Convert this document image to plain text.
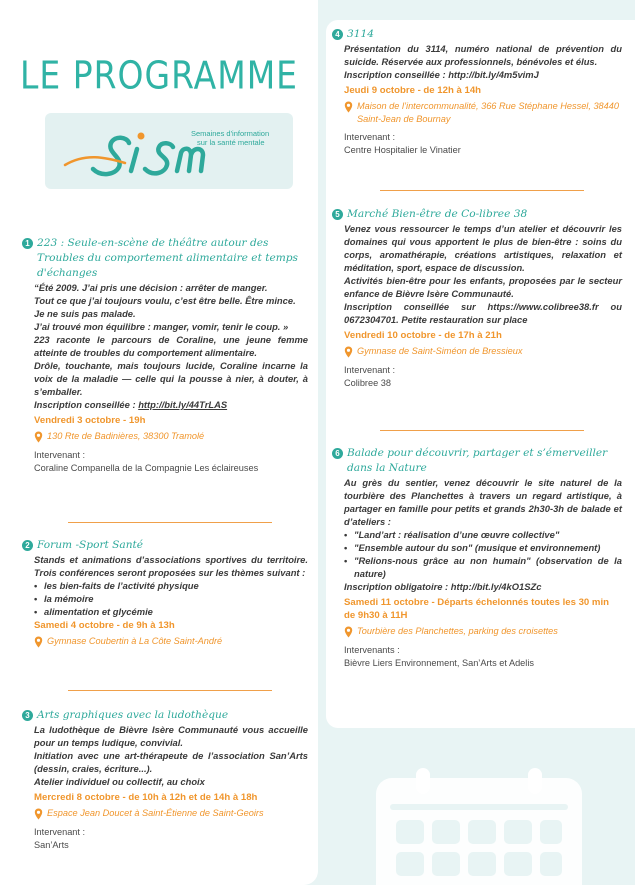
LE PROGRAMME
Semaines d'information
sur la santé mentale
1 223 : Seule-en-scène de théâtre autour des Troubles du comportement alimentaire et temps d'échanges

“Été 2009. J’ai pris une décision : arrêter de manger.

Tout ce que j’ai toujours voulu, c’est être belle. Être mince.

Je ne suis pas malade.

J’ai trouvé mon équilibre : manger, vomir, tenir le coup. »

223 raconte le parcours de Coraline, une jeune femme atteinte de troubles du comportement alimentaire.

Drôle, touchante, mais toujours lucide, Coraline incarne la voix de la maladie — celle qui la pousse à nier, à douter, à s’emballer.

Inscription conseillée : http://bit.ly/44TrLAS

Vendredi 3 octobre - 19h
130 Rte de Badinières, 38300 Tramolé
Intervenant :
Coraline Companella de la Compagnie Les éclaireuses
2 Forum -Sport Santé

Stands et animations d’associations sportives du territoire. Trois conférences seront proposées sur les thèmes suivant :

• les bien-faits de l’activité physique
• la mémoire
• alimentation et glycémie
Samedi 4 octobre - de 9h à 13h
Gymnase Coubertin à La Côte Saint-André
3 Arts graphiques avec la ludothèque

La ludothèque de Bièvre Isère Communauté vous accueille pour un temps ludique, convivial.

Initiation avec une art-thérapeute de l’association San’Arts (dessin, craies, écriture...).

Atelier individuel ou collectif, au choix

Mercredi 8 octobre - de 10h à 12h et de 14h à 18h
Espace Jean Doucet à Saint-Étienne de Saint-Geoirs
Intervenant :
San’Arts
4 3114

Présentation du 3114, numéro national de prévention du suicide. Réservée aux professionnels, bénévoles et élus.

Inscription conseillée : http://bit.ly/4m5vimJ

Jeudi 9 octobre - de 12h à 14h
Maison de l’intercommunalité, 366 Rue Stéphane Hessel, 38440 Saint-Jean de Bournay
Intervenant :
Centre Hospitalier le Vinatier
5 Marché Bien-être de Co-libree 38

Venez vous ressourcer le temps d’un atelier et découvrir les domaines qui vous apportent le plus de bien-être : soins du corps, aromathérapie, créations artistiques, relaxation et méditation, sport, espace de discussion.

Activités bien-être pour les enfants, proposées par le secteur enfance de Bièvre Isère Communauté.

Inscription conseillée sur https://www.colibree38.fr ou 0672304701. Petite restauration sur place

Vendredi 10 octobre - de 17h à 21h
Gymnase de Saint-Siméon de Bressieux
Intervenant :
Colibree 38
6 Balade pour découvrir, partager et s’émerveiller dans la Nature

Au grès du sentier, venez découvrir le site naturel de la tourbière des Planchettes à travers un regard artistique, à partager en famille pour petits et grands 2h30-3h de balade et d’ateliers :

• "Land’art : réalisation d’une œuvre collective"
• "Ensemble autour du son" (musique et environnement)
• "Relions-nous grâce au non humain" (observation de la nature)

Inscription obligatoire : http://bit.ly/4kO1SZc

Samedi 11 octobre - Départs échelonnés toutes les 30 min de 9h30 à 11H
Tourbière des Planchettes, parking des croisettes
Intervenants :
Bièvre Liers Environnement, San’Arts et Adelis
